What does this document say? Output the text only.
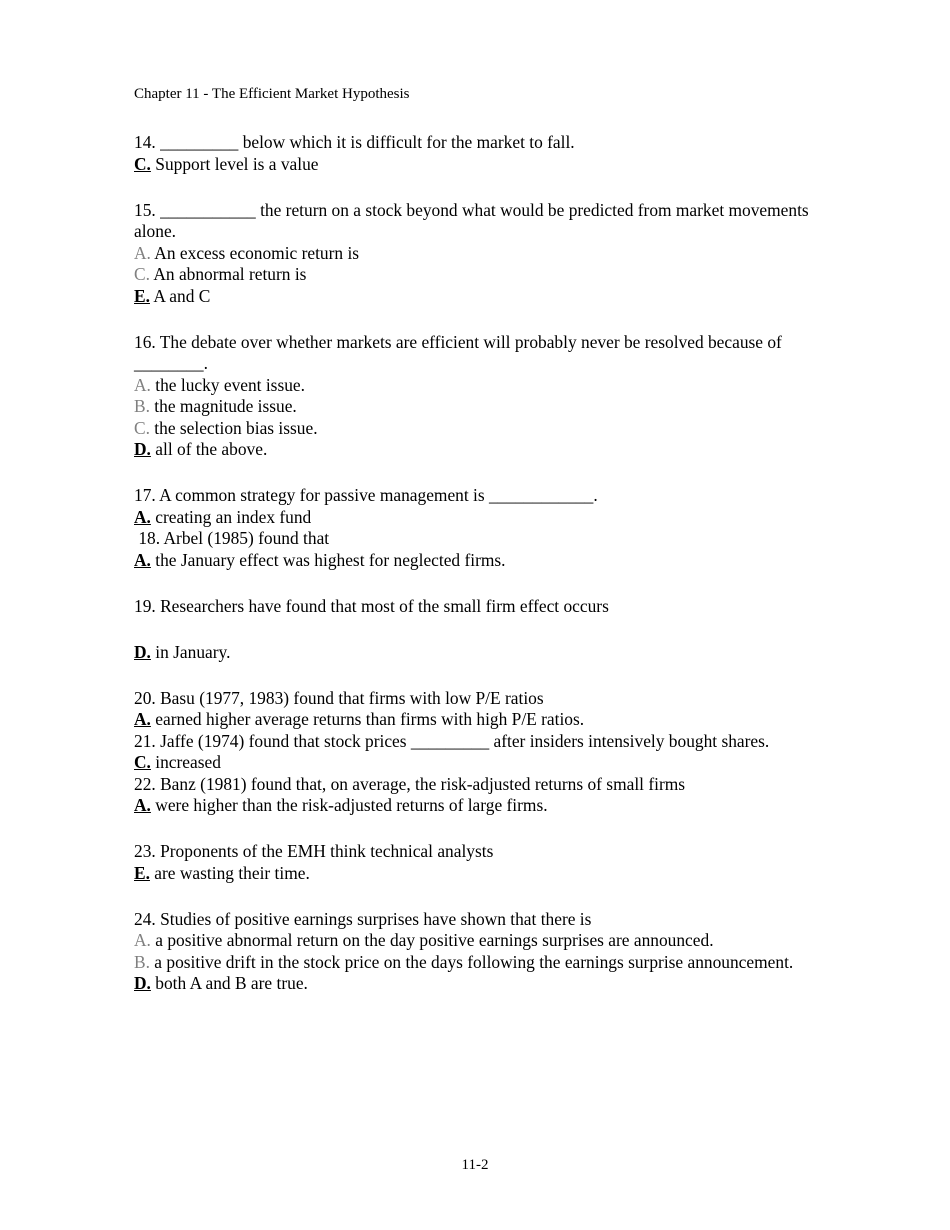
Chapter 11 - The Efficient Market Hypothesis
14. _________ below which it is difficult for the market to fall.
C. Support level is a value
15. ___________ the return on a stock beyond what would be predicted from market movements alone.
A. An excess economic return is
C. An abnormal return is
E. A and C
16. The debate over whether markets are efficient will probably never be resolved because of ________.
A. the lucky event issue.
B. the magnitude issue.
C. the selection bias issue.
D. all of the above.
17. A common strategy for passive management is ____________.
A. creating an index fund
18. Arbel (1985) found that
A. the January effect was highest for neglected firms.
19. Researchers have found that most of the small firm effect occurs
D. in January.
20. Basu (1977, 1983) found that firms with low P/E ratios
A. earned higher average returns than firms with high P/E ratios.
21. Jaffe (1974) found that stock prices _________ after insiders intensively bought shares.
C. increased
22. Banz (1981) found that, on average, the risk-adjusted returns of small firms
A. were higher than the risk-adjusted returns of large firms.
23. Proponents of the EMH think technical analysts
E. are wasting their time.
24. Studies of positive earnings surprises have shown that there is
A. a positive abnormal return on the day positive earnings surprises are announced.
B. a positive drift in the stock price on the days following the earnings surprise announcement.
D. both A and B are true.
11-2
